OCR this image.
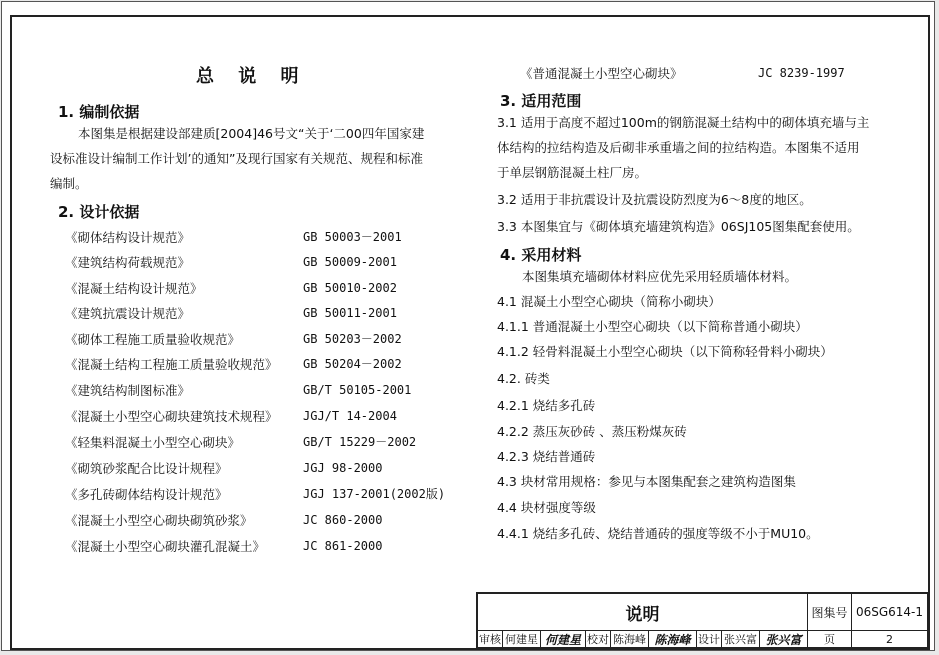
总 说 明
1. 编制依据
本图集是根据建设部建质[2004]46号文“关于‘二00四年国家建
设标准设计编制工作计划’的通知”及现行国家有关规范、规程和标准
编制。
2. 设计依据
《砌体结构设计规范》	GB 50003－2001
《建筑结构荷载规范》	GB 50009-2001
《混凝土结构设计规范》	GB 50010-2002
《建筑抗震设计规范》	GB 50011-2001
《砌体工程施工质量验收规范》	GB 50203－2002
《混凝土结构工程施工质量验收规范》 GB 50204－2002
《建筑结构制图标准》	GB/T 50105-2001
《混凝土小型空心砌块建筑技术规程》 JGJ/T 14-2004
《轻集料混凝土小型空心砌块》	GB/T 15229－2002
《砌筑砂浆配合比设计规程》	JGJ 98-2000
《多孔砖砌体结构设计规范》	JGJ 137-2001(2002版)
《混凝土小型空心砌块砌筑砂浆》	JC 860-2000
《混凝土小型空心砌块灌孔混凝土》	JC 861-2000
《普通混凝土小型空心砌块》	JC 8239-1997
3. 适用范围
3.1 适用于高度不超过100m的钢筋混凝土结构中的砌体填充墙与主
体结构的拉结构造及后砌非承重墙之间的拉结构造。本图集不适用
于单层钢筋混凝土柱厂房。
3.2 适用于非抗震设计及抗震设防烈度为6～8度的地区。
3.3 本图集宜与《砌体填充墙建筑构造》06SJ105图集配套使用。
4. 采用材料
　　本图集填充墙砌体材料应优先采用轻质墙体材料。
4.1 混凝土小型空心砌块（简称小砌块）
4.1.1 普通混凝土小型空心砌块（以下简称普通小砌块）
4.1.2 轻骨料混凝土小型空心砌块（以下简称轻骨料小砌块）
4.2. 砖类
4.2.1 烧结多孔砖
4.2.2 蒸压灰砂砖 、蒸压粉煤灰砖
4.2.3 烧结普通砖
4.3 块材常用规格：参见与本图集配套之建筑构造图集
4.4 块材强度等级
4.4.1 烧结多孔砖、烧结普通砖的强度等级不小于MU10。
说明	图集号 06SG614-1
审核 何建星 何建星 校对 陈海峰 陈海峰 设计 张兴富 张兴富	页	2
